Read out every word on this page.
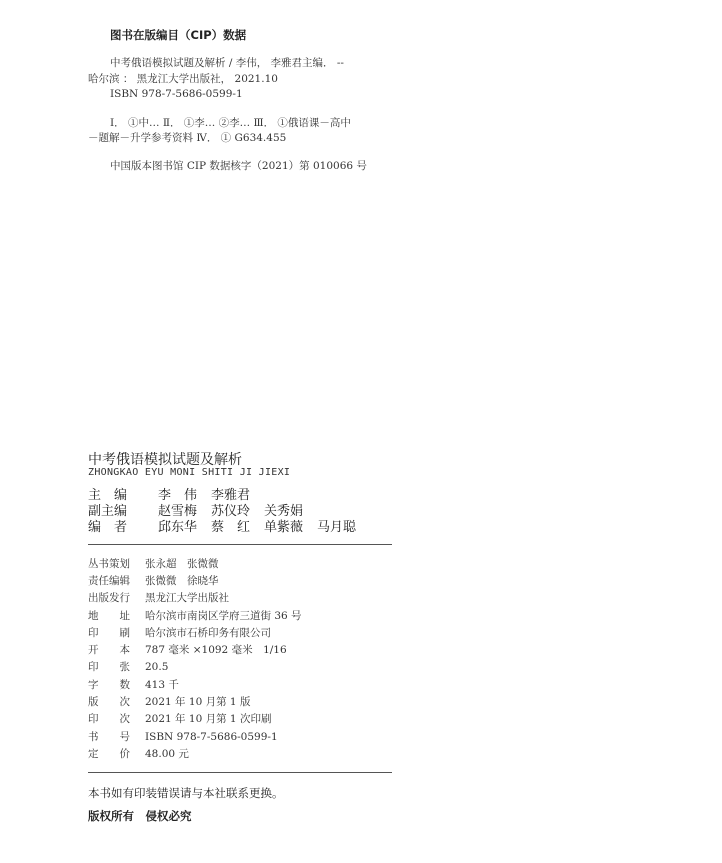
图书在版编目（CIP）数据
中考俄语模拟试题及解析 / 李伟， 李雅君主编． --
哈尔滨 ： 黑龙江大学出版社， 2021.10
ISBN 978-7-5686-0599-1
Ⅰ． ①中… Ⅱ． ①李… ②李… Ⅲ． ①俄语课－高中
－题解－升学参考资料 Ⅳ． ① G634.455
中国版本图书馆 CIP 数据核字（2021）第 010066 号
中考俄语模拟试题及解析
ZHONGKAO EYU MONI SHITI JI JIEXI
主　编 李　伟 李雅君
副主编 赵雪梅 苏仪玲 关秀娟
编　者 邱东华 蔡　红 单紫薇 马月聪
丛书策划 张永超　张微微
责任编辑 张微微　徐晓华
出版发行 黑龙江大学出版社
地　　址 哈尔滨市南岗区学府三道街 36 号
印　　刷 哈尔滨市石桥印务有限公司
开　　本 787 毫米 ×1092 毫米　1/16
印　　张 20.5
字　　数 413 千
版　　次 2021 年 10 月第 1 版
印　　次 2021 年 10 月第 1 次印刷
书　　号 ISBN 978-7-5686-0599-1
定　　价 48.00 元
本书如有印装错误请与本社联系更换。
版权所有　侵权必究
